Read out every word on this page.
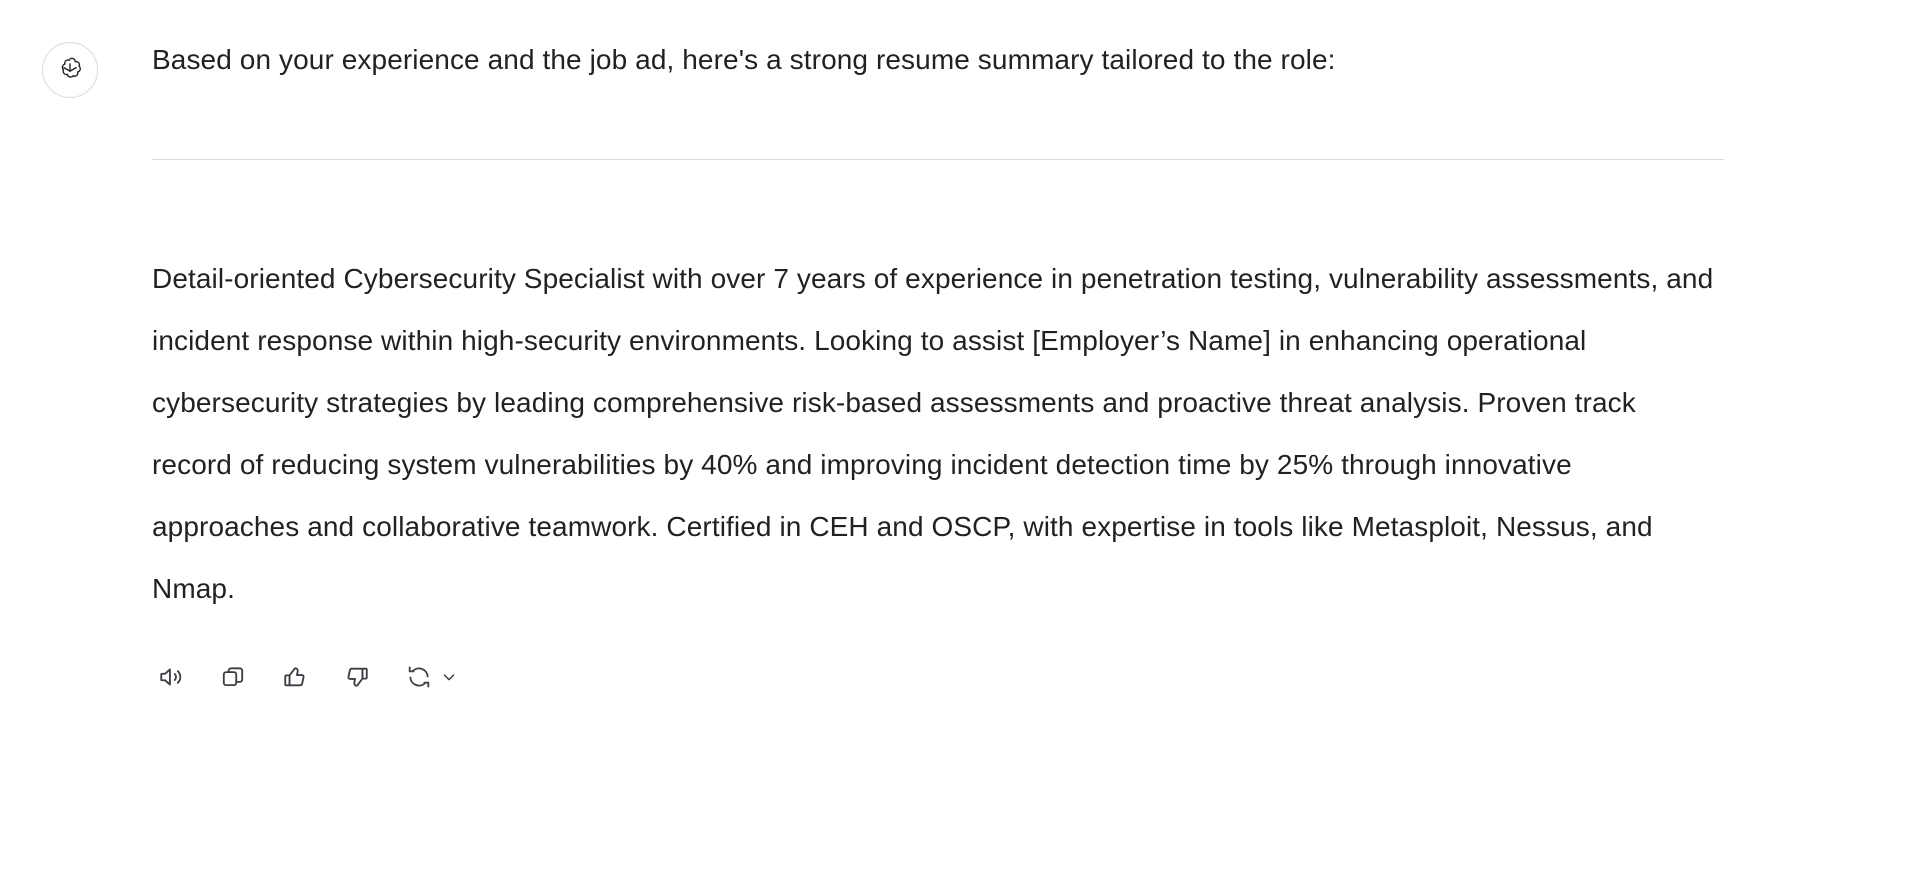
Based on your experience and the job ad, here's a strong resume summary tailored to the role:

Detail-oriented Cybersecurity Specialist with over 7 years of experience in penetration testing, vulnerability assessments, and incident response within high-security environments. Looking to assist [Employer’s Name] in enhancing operational cybersecurity strategies by leading comprehensive risk-based assessments and proactive threat analysis. Proven track record of reducing system vulnerabilities by 40% and improving incident detection time by 25% through innovative approaches and collaborative teamwork. Certified in CEH and OSCP, with expertise in tools like Metasploit, Nessus, and Nmap.
